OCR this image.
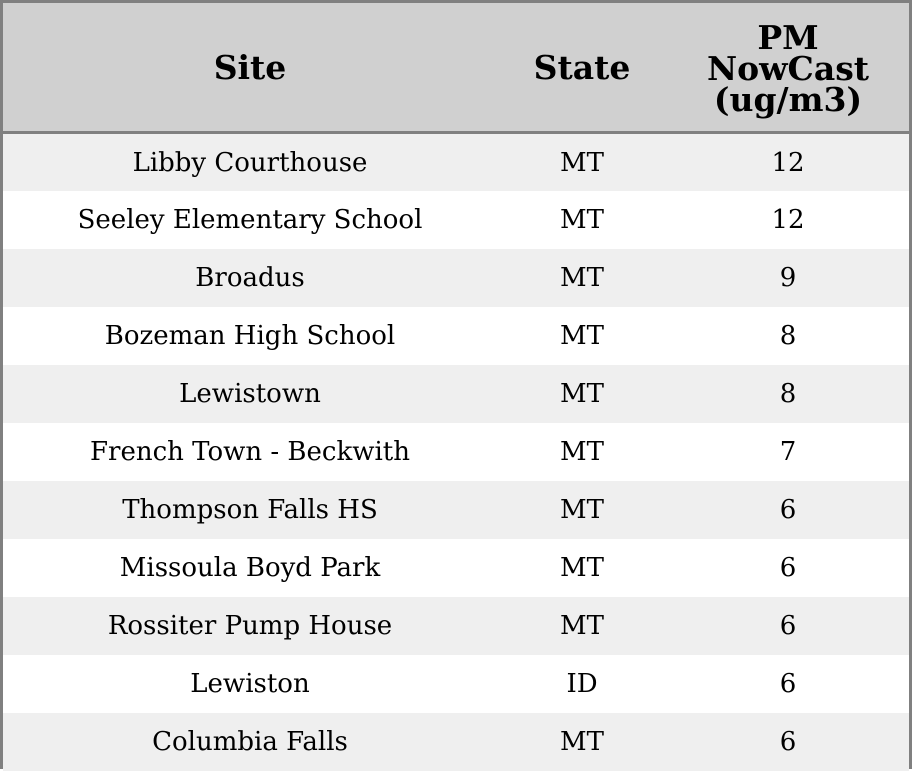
Site	State	PM
NowCast
(ug/m3)
Libby Courthouse	MT	12
Seeley Elementary School	MT	12
Broadus	MT	9
Bozeman High School	MT	8
Lewistown	MT	8
French Town - Beckwith	MT	7
Thompson Falls HS	MT	6
Missoula Boyd Park	MT	6
Rossiter Pump House	MT	6
Lewiston	ID	6
Columbia Falls	MT	6
